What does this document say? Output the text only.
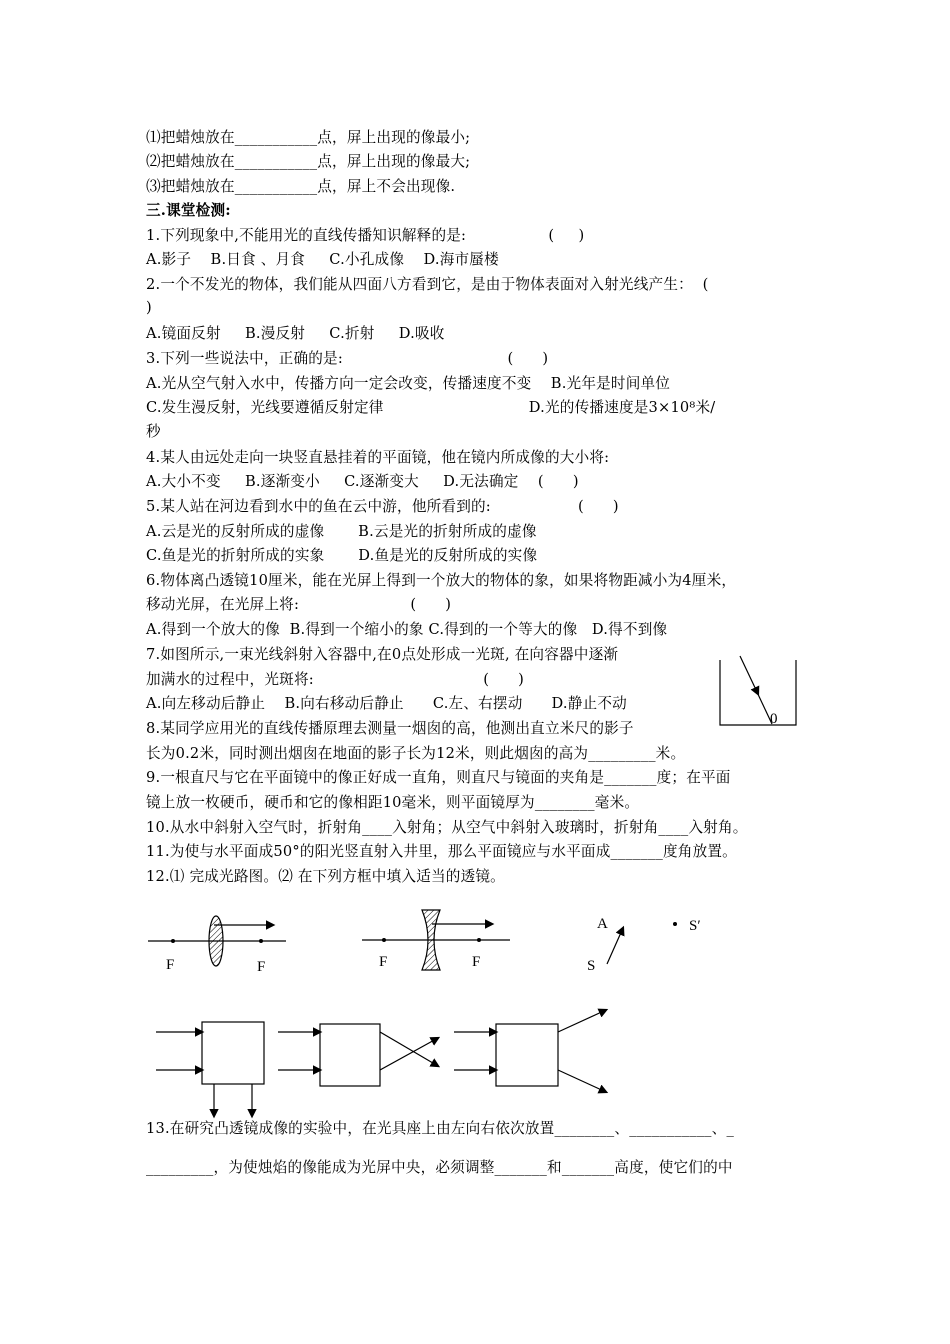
⑴把蜡烛放在___________点，屏上出现的像最小;
⑵把蜡烛放在___________点，屏上出现的像最大;
⑶把蜡烛放在___________点，屏上不会出现像.
三.课堂检测:
1.下列现象中,不能用光的直线传播知识解释的是:                 (     )
A.影子    B.日食 、月食     C.小孔成像    D.海市蜃楼
2.一个不发光的物体，我们能从四面八方看到它，是由于物体表面对入射光线产生：  (
)
A.镜面反射     B.漫反射     C.折射     D.吸收
3.下列一些说法中，正确的是:                                  (      )
A.光从空气射入水中，传播方向一定会改变，传播速度不变    B.光年是时间单位
C.发生漫反射，光线要遵循反射定律                              D.光的传播速度是3×10⁸米/
秒
4.某人由远处走向一块竖直悬挂着的平面镜，他在镜内所成像的大小将:
A.大小不变     B.逐渐变小     C.逐渐变大     D.无法确定    (      )
5.某人站在河边看到水中的鱼在云中游，他所看到的:                  (      )
A.云是光的反射所成的虚像       B.云是光的折射所成的虚像
C.鱼是光的折射所成的实象       D.鱼是光的反射所成的实像
6.物体离凸透镜10厘米，能在光屏上得到一个放大的物体的象，如果将物距减小为4厘米，
移动光屏，在光屏上将:                       (      )
A.得到一个放大的像  B.得到一个缩小的象 C.得到的一个等大的像   D.得不到像
7.如图所示,一束光线斜射入容器中,在0点处形成一光斑, 在向容器中逐渐
加满水的过程中，光斑将:                                   (      )
A.向左移动后静止    B.向右移动后静止      C.左、右摆动      D.静止不动
8.某同学应用光的直线传播原理去测量一烟囱的高，他测出直立米尺的影子
长为0.2米，同时测出烟囱在地面的影子长为12米，则此烟囱的高为_________米。
9.一根直尺与它在平面镜中的像正好成一直角，则直尺与镜面的夹角是_______度；在平面
镜上放一枚硬币，硬币和它的像相距10毫米，则平面镜厚为________毫米。
10.从水中斜射入空气时，折射角____入射角；从空气中斜射入玻璃时，折射角____入射角。
11.为使与水平面成50°的阳光竖直射入井里，那么平面镜应与水平面成_______度角放置。
12.⑴ 完成光路图。⑵ 在下列方框中填入适当的透镜。
13.在研究凸透镜成像的实验中，在光具座上由左向右依次放置________、___________、_
_________，为使烛焰的像能成为光屏中央，必须调整_______和_______高度，使它们的中
0
F	F	F	F
A
S
S′
